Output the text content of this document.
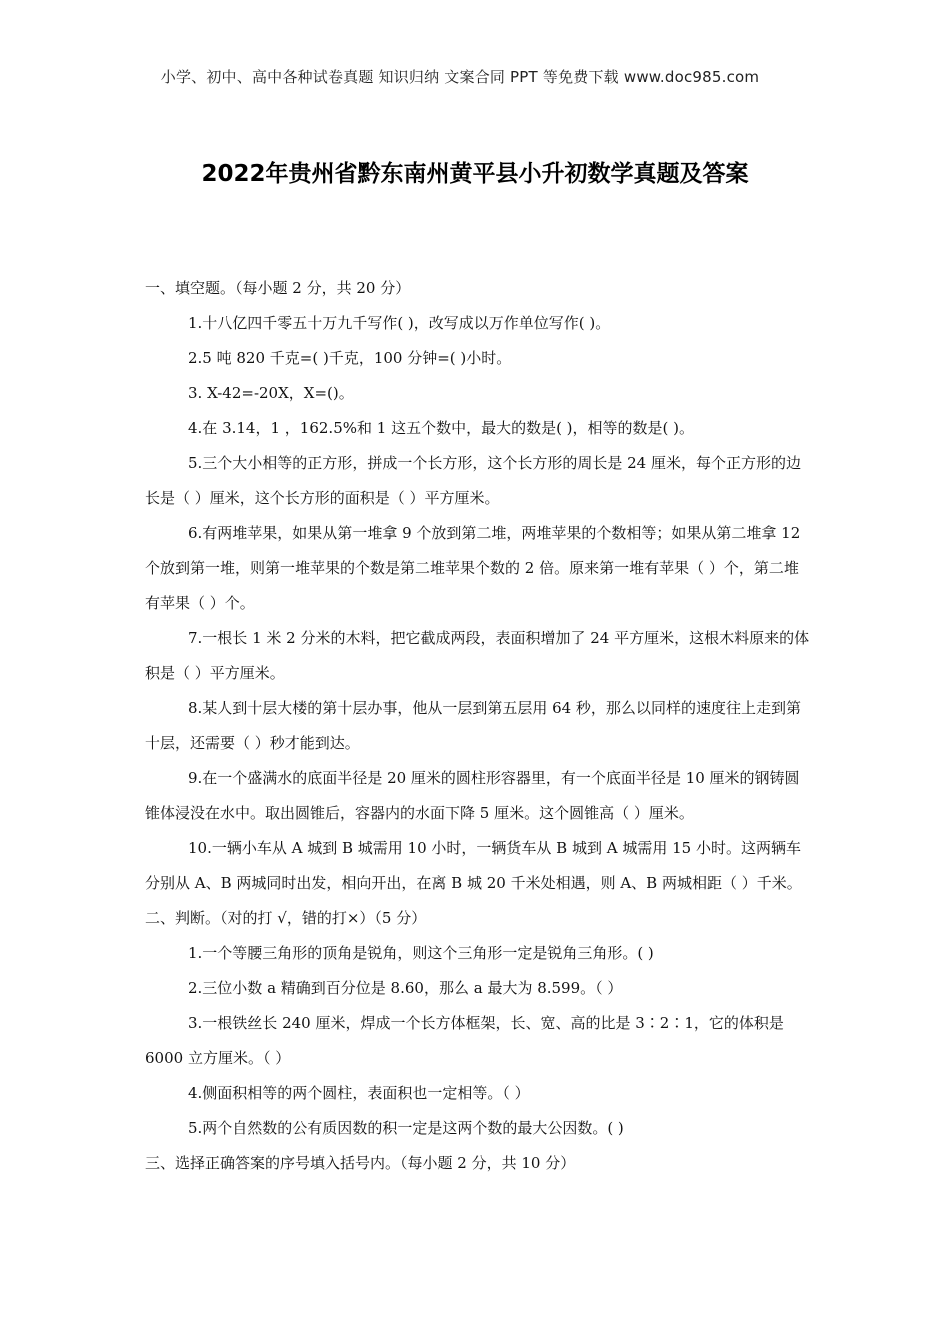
小学、初中、高中各种试卷真题 知识归纳 文案合同 PPT 等免费下载 www.doc985.com
2022年贵州省黔东南州黄平县小升初数学真题及答案

一、填空题。（每小题 2 分，共 20 分）

1.十八亿四千零五十万九千写作( )，改写成以万作单位写作( )。

2.5 吨 820 千克=( )千克，100 分钟=( )小时。

3. X-42=-20X，X=()。

4.在 3.14，1 ，162.5%和 1 这五个数中，最大的数是( )，相等的数是( )。

5.三个大小相等的正方形，拼成一个长方形，这个长方形的周长是 24 厘米，每个正方形的边长是（ ）厘米，这个长方形的面积是（ ）平方厘米。

6.有两堆苹果，如果从第一堆拿 9 个放到第二堆，两堆苹果的个数相等；如果从第二堆拿 12 个放到第一堆，则第一堆苹果的个数是第二堆苹果个数的 2 倍。原来第一堆有苹果（ ）个，第二堆有苹果（ ）个。

7.一根长 1 米 2 分米的木料，把它截成两段，表面积增加了 24 平方厘米，这根木料原来的体积是（ ）平方厘米。

8.某人到十层大楼的第十层办事，他从一层到第五层用 64 秒，那么以同样的速度往上走到第十层，还需要（ ）秒才能到达。

9.在一个盛满水的底面半径是 20 厘米的圆柱形容器里，有一个底面半径是 10 厘米的钢铸圆锥体浸没在水中。取出圆锥后，容器内的水面下降 5 厘米。这个圆锥高（ ）厘米。

10.一辆小车从 A 城到 B 城需用 10 小时，一辆货车从 B 城到 A 城需用 15 小时。这两辆车分别从 A、B 两城同时出发，相向开出，在离 B 城 20 千米处相遇，则 A、B 两城相距（ ）千米。

二、判断。（对的打 √，错的打×）（5 分）

1.一个等腰三角形的顶角是锐角，则这个三角形一定是锐角三角形。( )

2.三位小数 a 精确到百分位是 8.60，那么 a 最大为 8.599。（ ）

3.一根铁丝长 240 厘米，焊成一个长方体框架，长、宽、高的比是 3∶2∶1，它的体积是 6000 立方厘米。（ ）

4.侧面积相等的两个圆柱，表面积也一定相等。（ ）

5.两个自然数的公有质因数的积一定是这两个数的最大公因数。( )

三、选择正确答案的序号填入括号内。（每小题 2 分，共 10 分）
